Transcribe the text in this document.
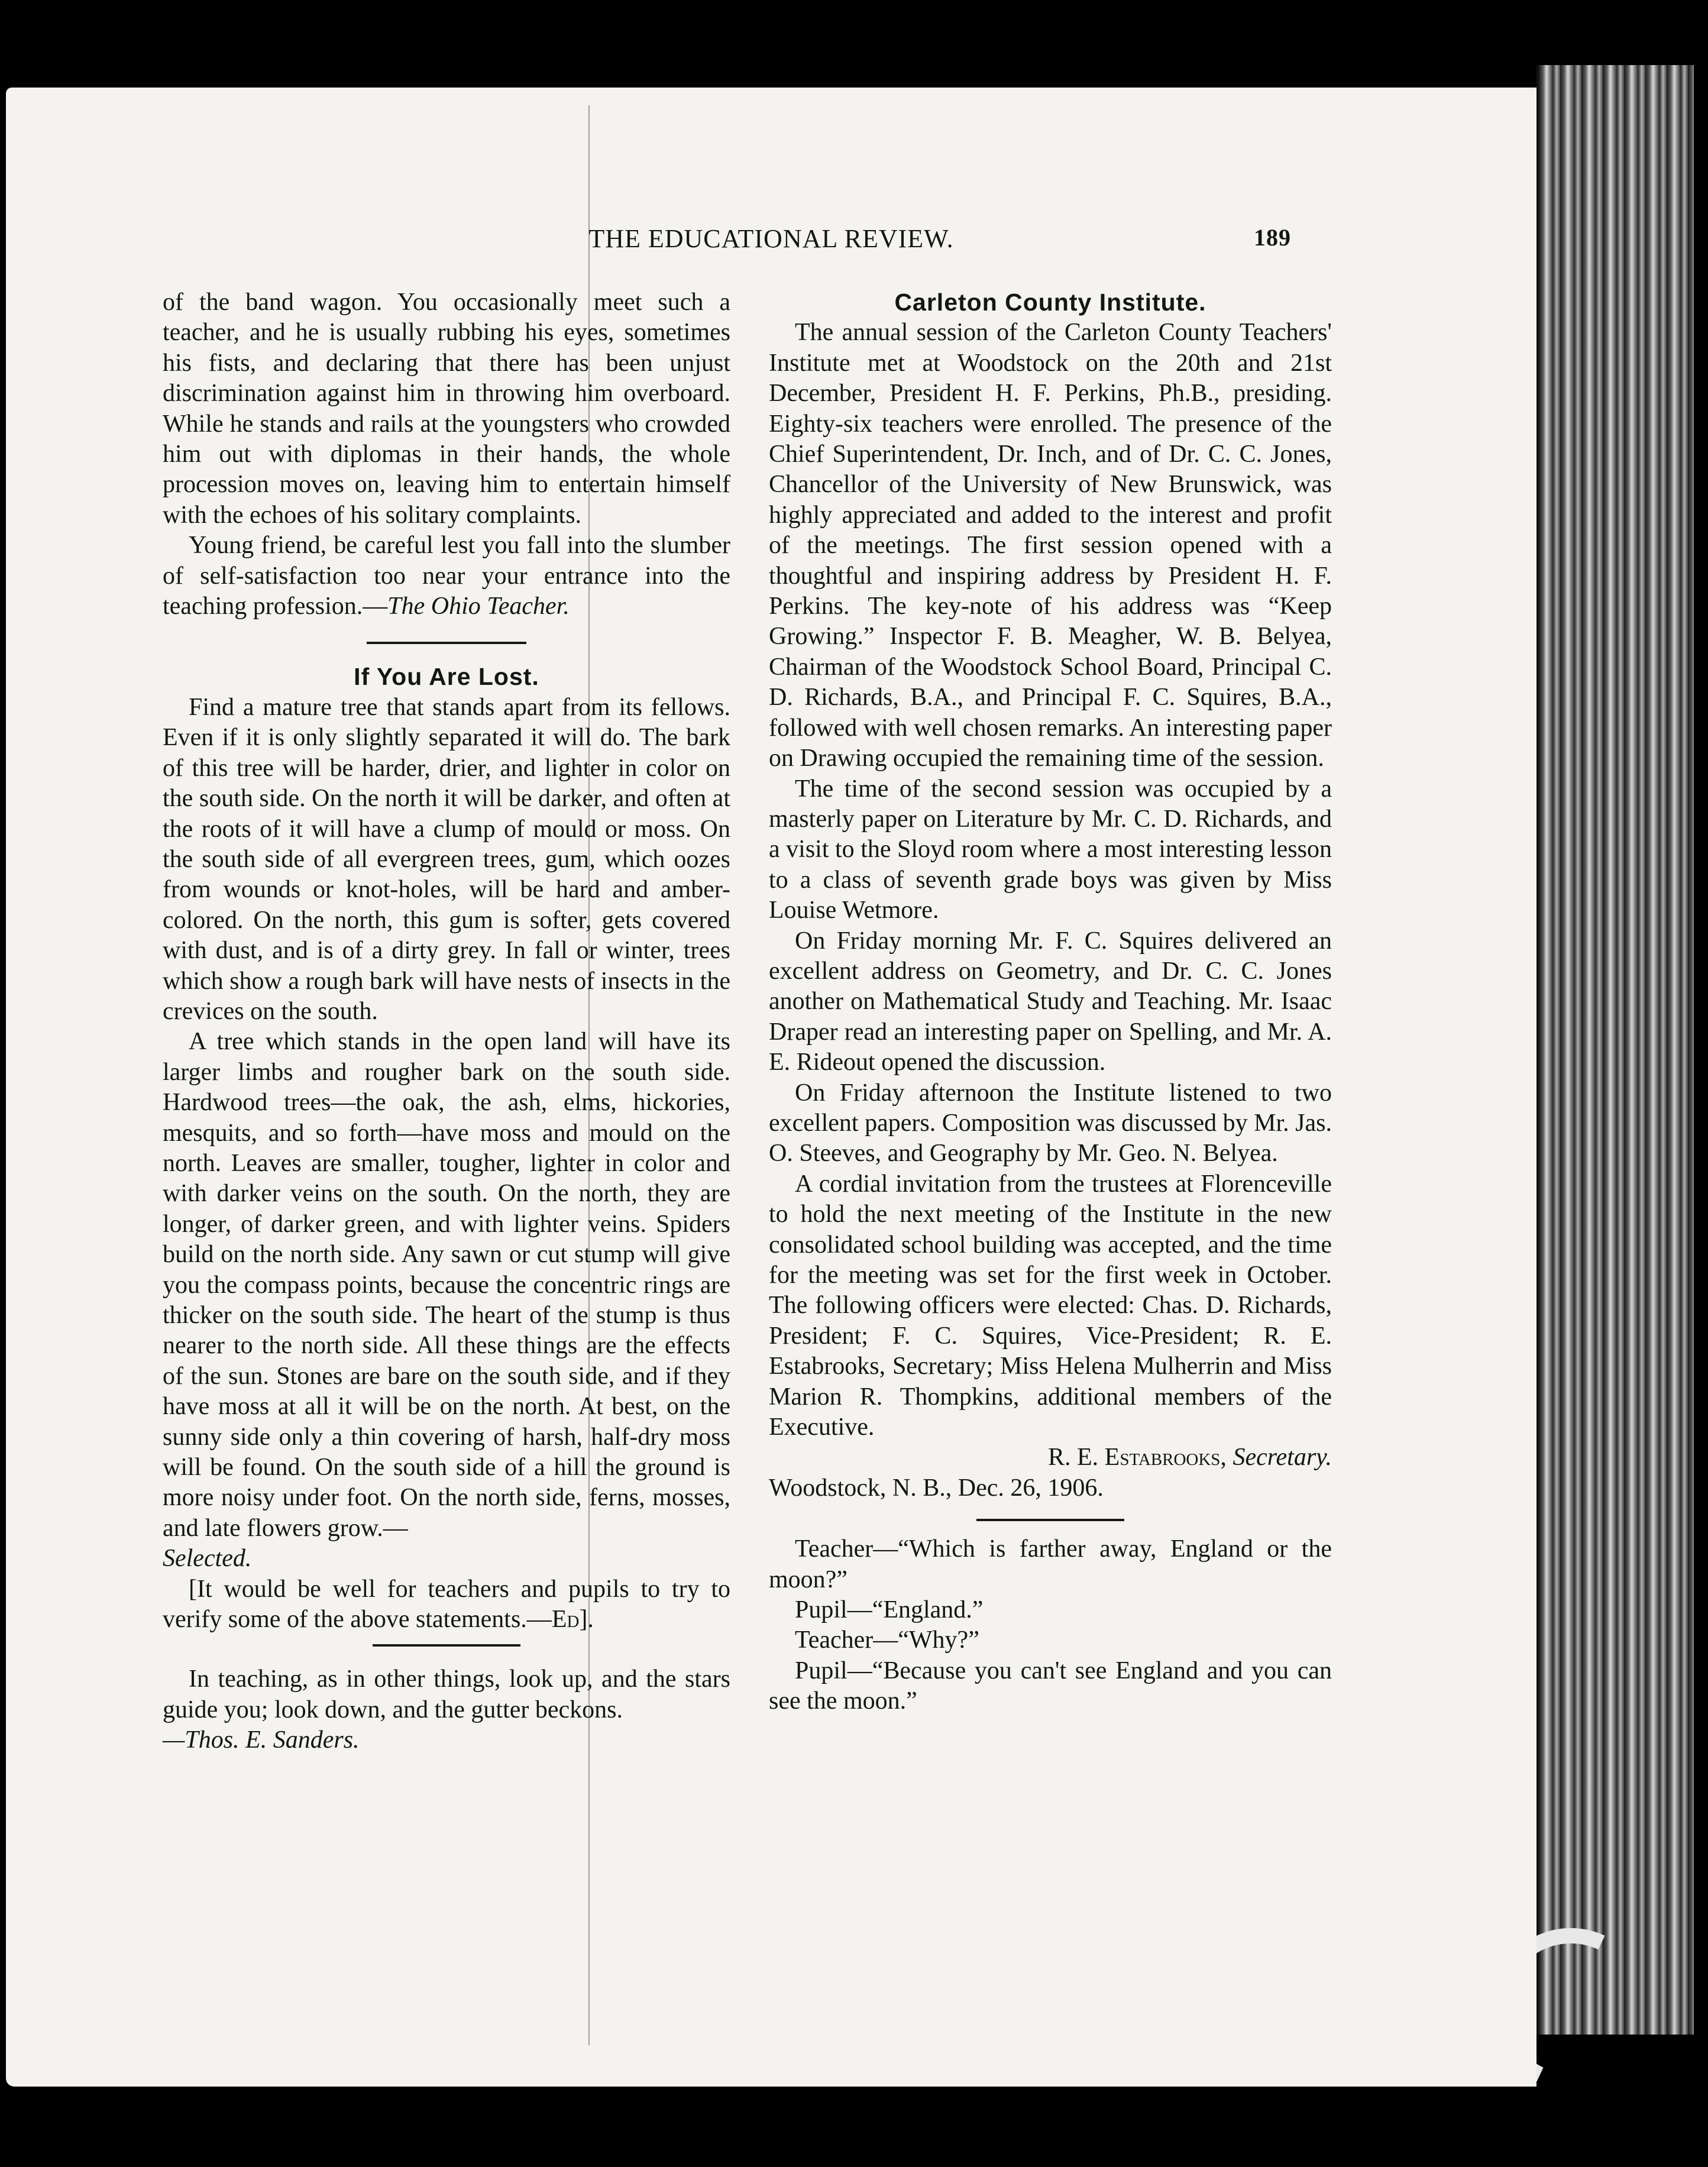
THE EDUCATIONAL REVIEW.	189

of the band wagon. You occasionally meet such a teacher, and he is usually rubbing his eyes, sometimes his fists, and declaring that there has been unjust discrimination against him in throwing him overboard. While he stands and rails at the youngsters who crowded him out with diplomas in their hands, the whole procession moves on, leaving him to entertain himself with the echoes of his solitary complaints.

Young friend, be careful lest you fall into the slumber of self-satisfaction too near your entrance into the teaching profession.—The Ohio Teacher.

If You Are Lost.

Find a mature tree that stands apart from its fellows. Even if it is only slightly separated it will do. The bark of this tree will be harder, drier, and lighter in color on the south side. On the north it will be darker, and often at the roots of it will have a clump of mould or moss. On the south side of all evergreen trees, gum, which oozes from wounds or knot-holes, will be hard and amber-colored. On the north, this gum is softer, gets covered with dust, and is of a dirty grey. In fall or winter, trees which show a rough bark will have nests of insects in the crevices on the south.

A tree which stands in the open land will have its larger limbs and rougher bark on the south side. Hardwood trees—the oak, the ash, elms, hickories, mesquits, and so forth—have moss and mould on the north. Leaves are smaller, tougher, lighter in color and with darker veins on the south. On the north, they are longer, of darker green, and with lighter veins. Spiders build on the north side. Any sawn or cut stump will give you the compass points, because the concentric rings are thicker on the south side. The heart of the stump is thus nearer to the north side. All these things are the effects of the sun. Stones are bare on the south side, and if they have moss at all it will be on the north. At best, on the sunny side only a thin covering of harsh, half-dry moss will be found. On the south side of a hill the ground is more noisy under foot. On the north side, ferns, mosses, and late flowers grow.—
Selected.

[It would be well for teachers and pupils to try to verify some of the above statements.—Ed].

In teaching, as in other things, look up, and the stars guide you; look down, and the gutter beckons.

—Thos. E. Sanders.

Carleton County Institute.

The annual session of the Carleton County Teachers' Institute met at Woodstock on the 20th and 21st December, President H. F. Perkins, Ph.B., presiding. Eighty-six teachers were enrolled. The presence of the Chief Superintendent, Dr. Inch, and of Dr. C. C. Jones, Chancellor of the University of New Brunswick, was highly appreciated and added to the interest and profit of the meetings. The first session opened with a thoughtful and inspiring address by President H. F. Perkins. The key-note of his address was “Keep Growing.” Inspector F. B. Meagher, W. B. Belyea, Chairman of the Woodstock School Board, Principal C. D. Richards, B.A., and Principal F. C. Squires, B.A., followed with well chosen remarks. An interesting paper on Drawing occupied the remaining time of the session.

The time of the second session was occupied by a masterly paper on Literature by Mr. C. D. Richards, and a visit to the Sloyd room where a most interesting lesson to a class of seventh grade boys was given by Miss Louise Wetmore.

On Friday morning Mr. F. C. Squires delivered an excellent address on Geometry, and Dr. C. C. Jones another on Mathematical Study and Teaching. Mr. Isaac Draper read an interesting paper on Spelling, and Mr. A. E. Rideout opened the discussion.

On Friday afternoon the Institute listened to two excellent papers. Composition was discussed by Mr. Jas. O. Steeves, and Geography by Mr. Geo. N. Belyea.

A cordial invitation from the trustees at Florenceville to hold the next meeting of the Institute in the new consolidated school building was accepted, and the time for the meeting was set for the first week in October. The following officers were elected: Chas. D. Richards, President; F. C. Squires, Vice-President; R. E. Estabrooks, Secretary; Miss Helena Mulherrin and Miss Marion R. Thompkins, additional members of the Executive.

R. E. Estabrooks, Secretary.

Woodstock, N. B., Dec. 26, 1906.

Teacher—“Which is farther away, England or the moon?”

Pupil—“England.”

Teacher—“Why?”

Pupil—“Because you can't see England and you can see the moon.”
